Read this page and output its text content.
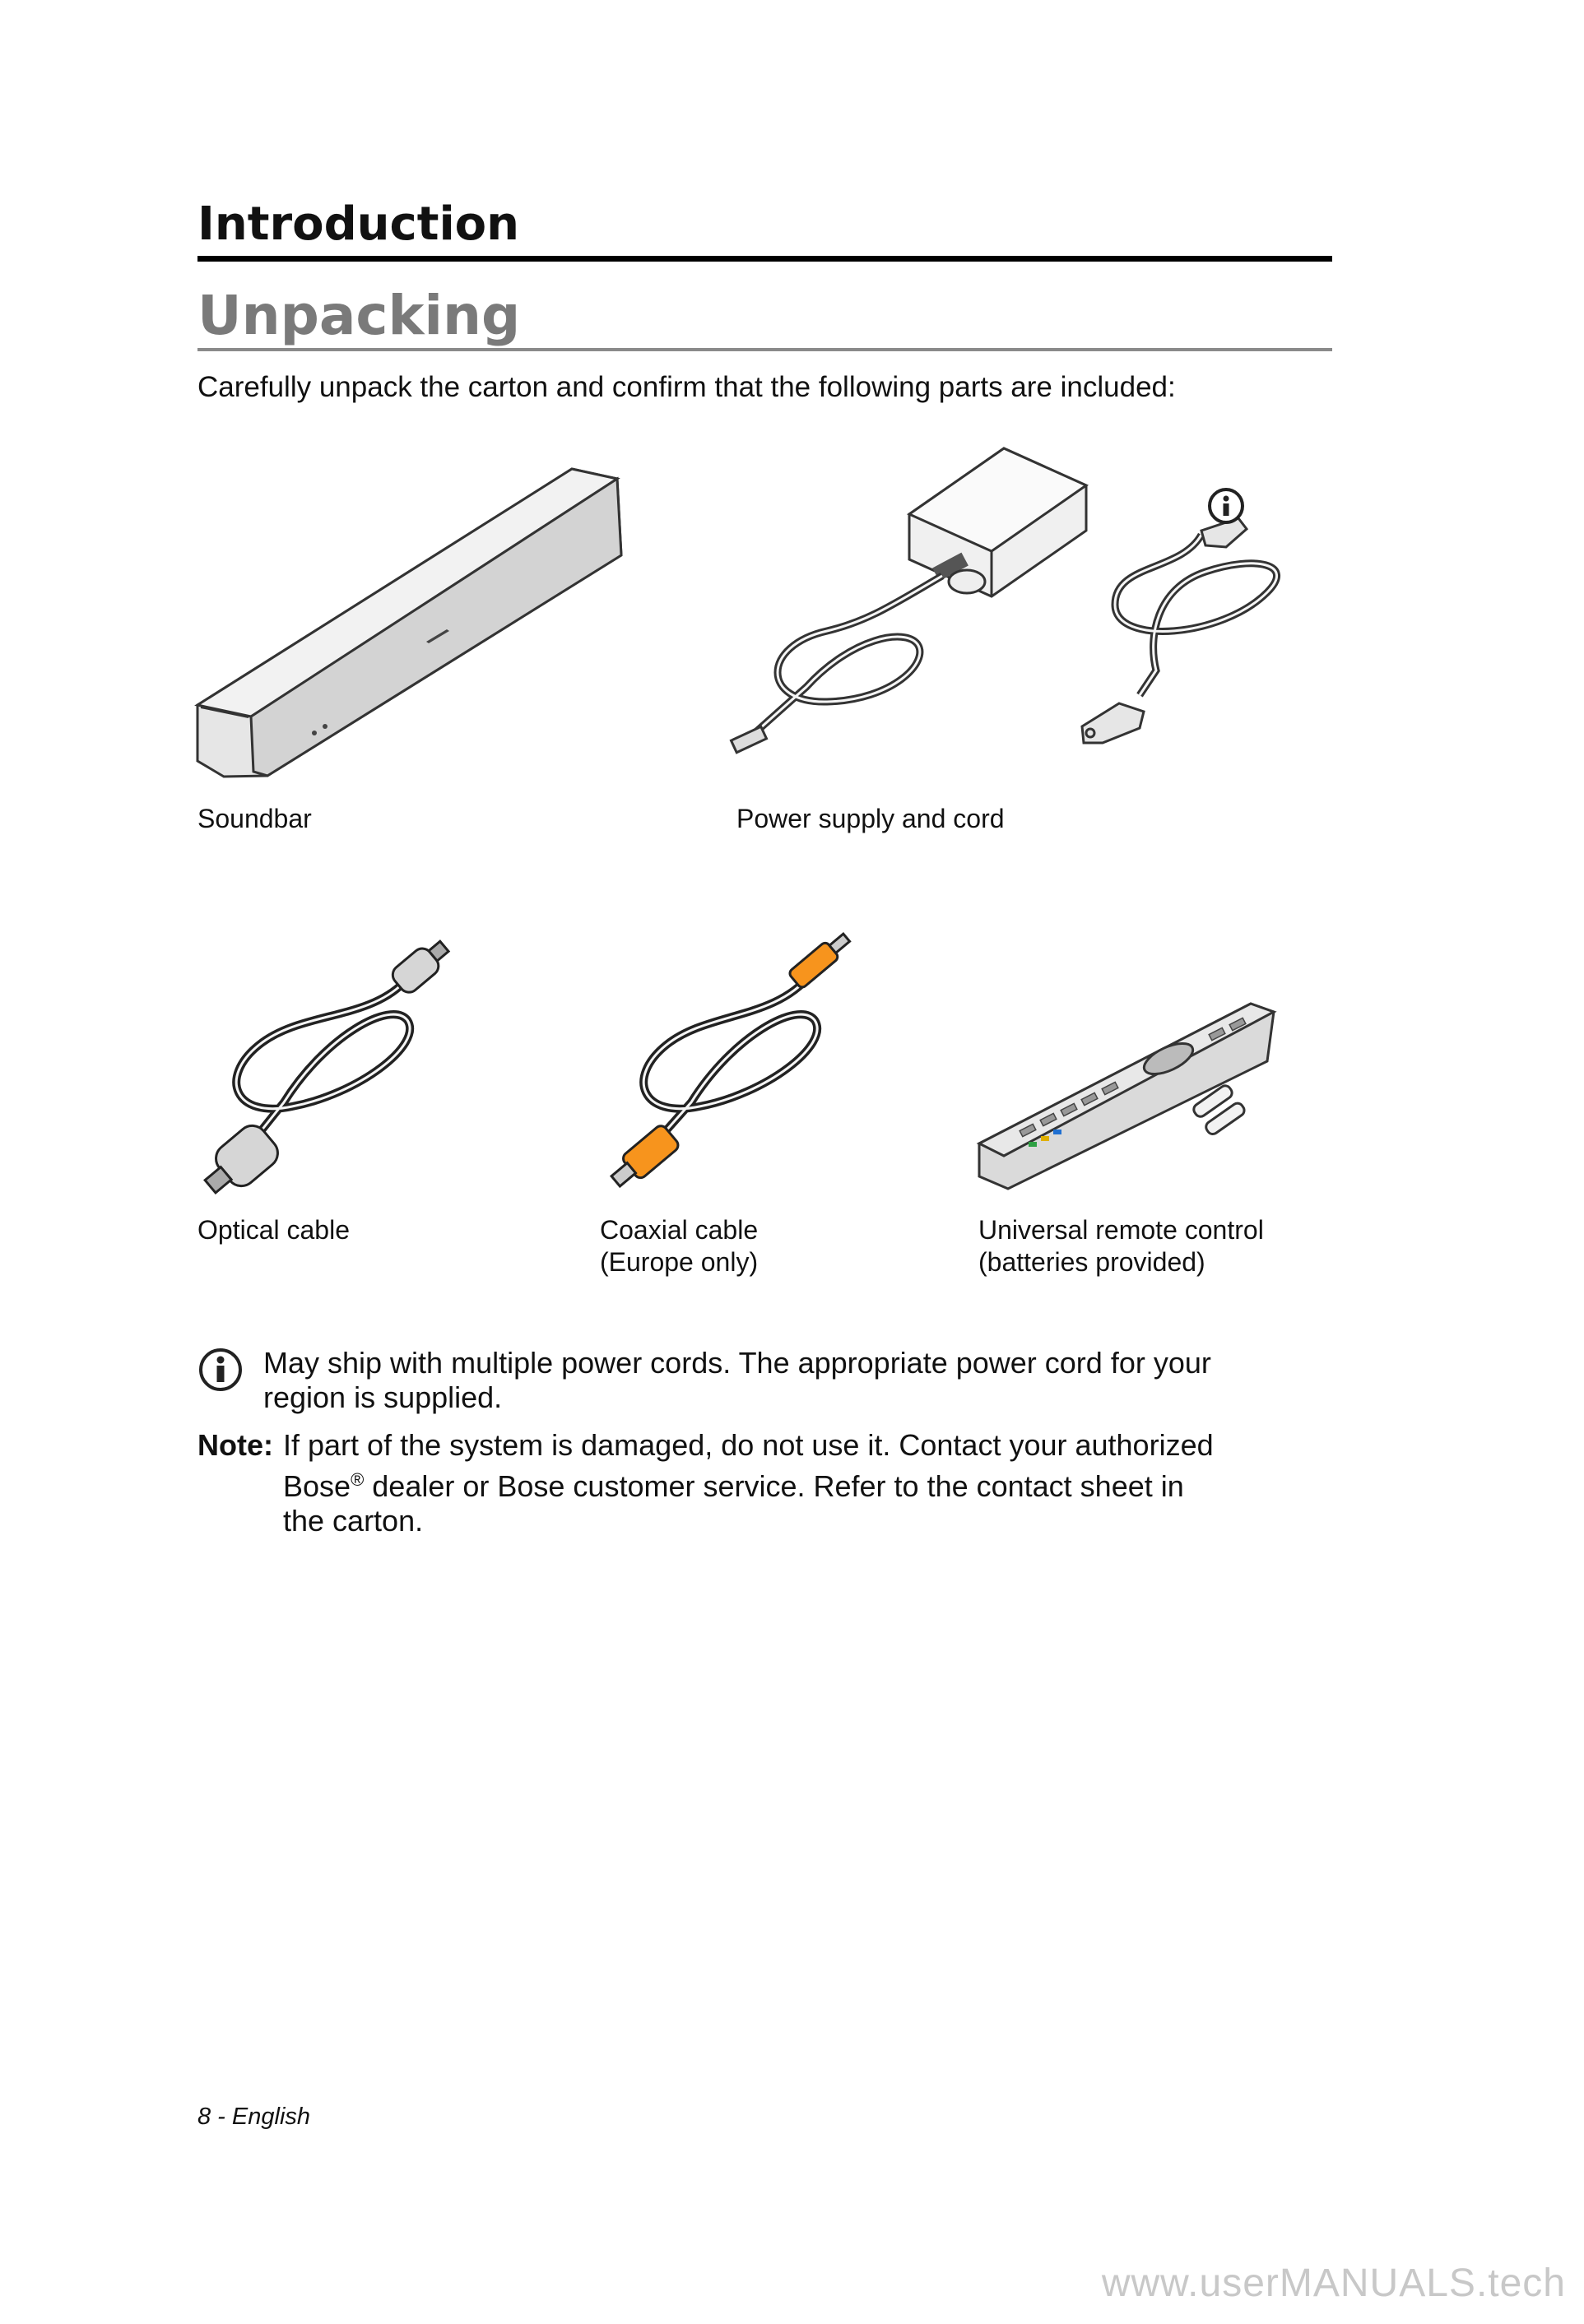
Introduction
Unpacking
Carefully unpack the carton and confirm that the following parts are included:
Soundbar	Power supply and cord
Optical cable	Coaxial cable
(Europe only)
Universal remote control
(batteries provided)
May ship with multiple power cords. The appropriate power cord for your
region is supplied.
Note: If part of the system is damaged, do not use it. Contact your authorized
Bose® dealer or Bose customer service. Refer to the contact sheet in
the carton.
8 - English
www.userMANUALS.tech
